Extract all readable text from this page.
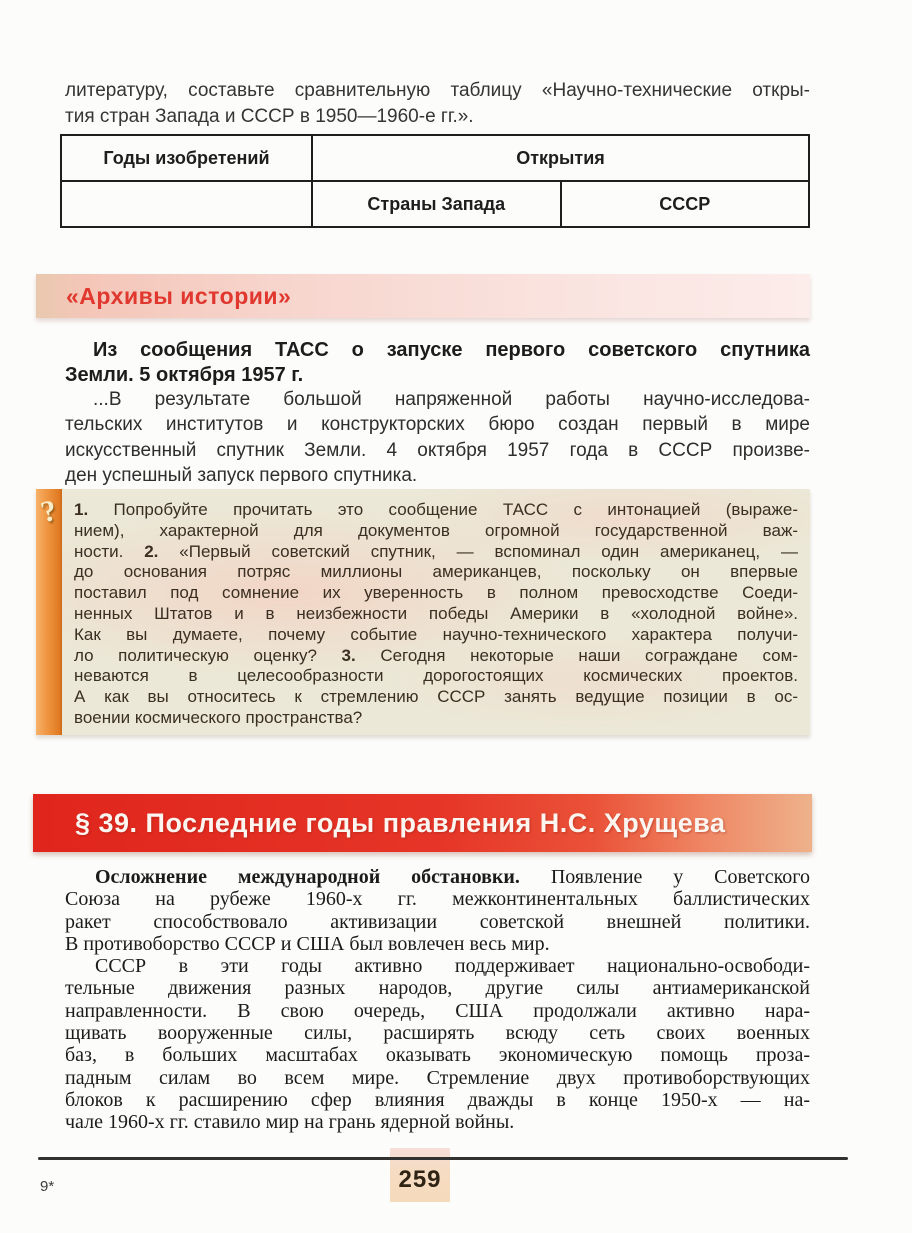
литературу, составьте сравнительную таблицу «Научно-технические откры-
тия стран Запада и СССР в 1950—1960-е гг.».
Годы изобретений	Открытия	
	Страны Запада	СССР
«Архивы истории»
Из сообщения ТАСС о запуске первого советского спутника
Земли. 5 октября 1957 г.
...В результате большой напряженной работы научно-исследова-
тельских институтов и конструкторских бюро создан первый в мире
искусственный спутник Земли. 4 октября 1957 года в СССР произве-
ден успешный запуск первого спутника.
? 1. Попробуйте прочитать это сообщение ТАСС с интонацией (выраже-
нием), характерной для документов огромной государственной важ-
ности. 2. «Первый советский спутник, — вспоминал один американец, —
до основания потряс миллионы американцев, поскольку он впервые
поставил под сомнение их уверенность в полном превосходстве Соеди-
ненных Штатов и в неизбежности победы Америки в «холодной войне».
Как вы думаете, почему событие научно-технического характера получи-
ло политическую оценку? 3. Сегодня некоторые наши сограждане сом-
неваются в целесообразности дорогостоящих космических проектов.
А как вы относитесь к стремлению СССР занять ведущие позиции в ос-
воении космического пространства?
§ 39. Последние годы правления Н.С. Хрущева
Осложнение международной обстановки. Появление у Советского
Союза на рубеже 1960-х гг. межконтинентальных баллистических
ракет способствовало активизации советской внешней политики.
В противоборство СССР и США был вовлечен весь мир.
СССР в эти годы активно поддерживает национально-освободи-
тельные движения разных народов, другие силы антиамериканской
направленности. В свою очередь, США продолжали активно нара-
щивать вооруженные силы, расширять всюду сеть своих военных
баз, в больших масштабах оказывать экономическую помощь проза-
падным силам во всем мире. Стремление двух противоборствующих
блоков к расширению сфер влияния дважды в конце 1950-х — на-
чале 1960-х гг. ставило мир на грань ядерной войны.
259
9*
